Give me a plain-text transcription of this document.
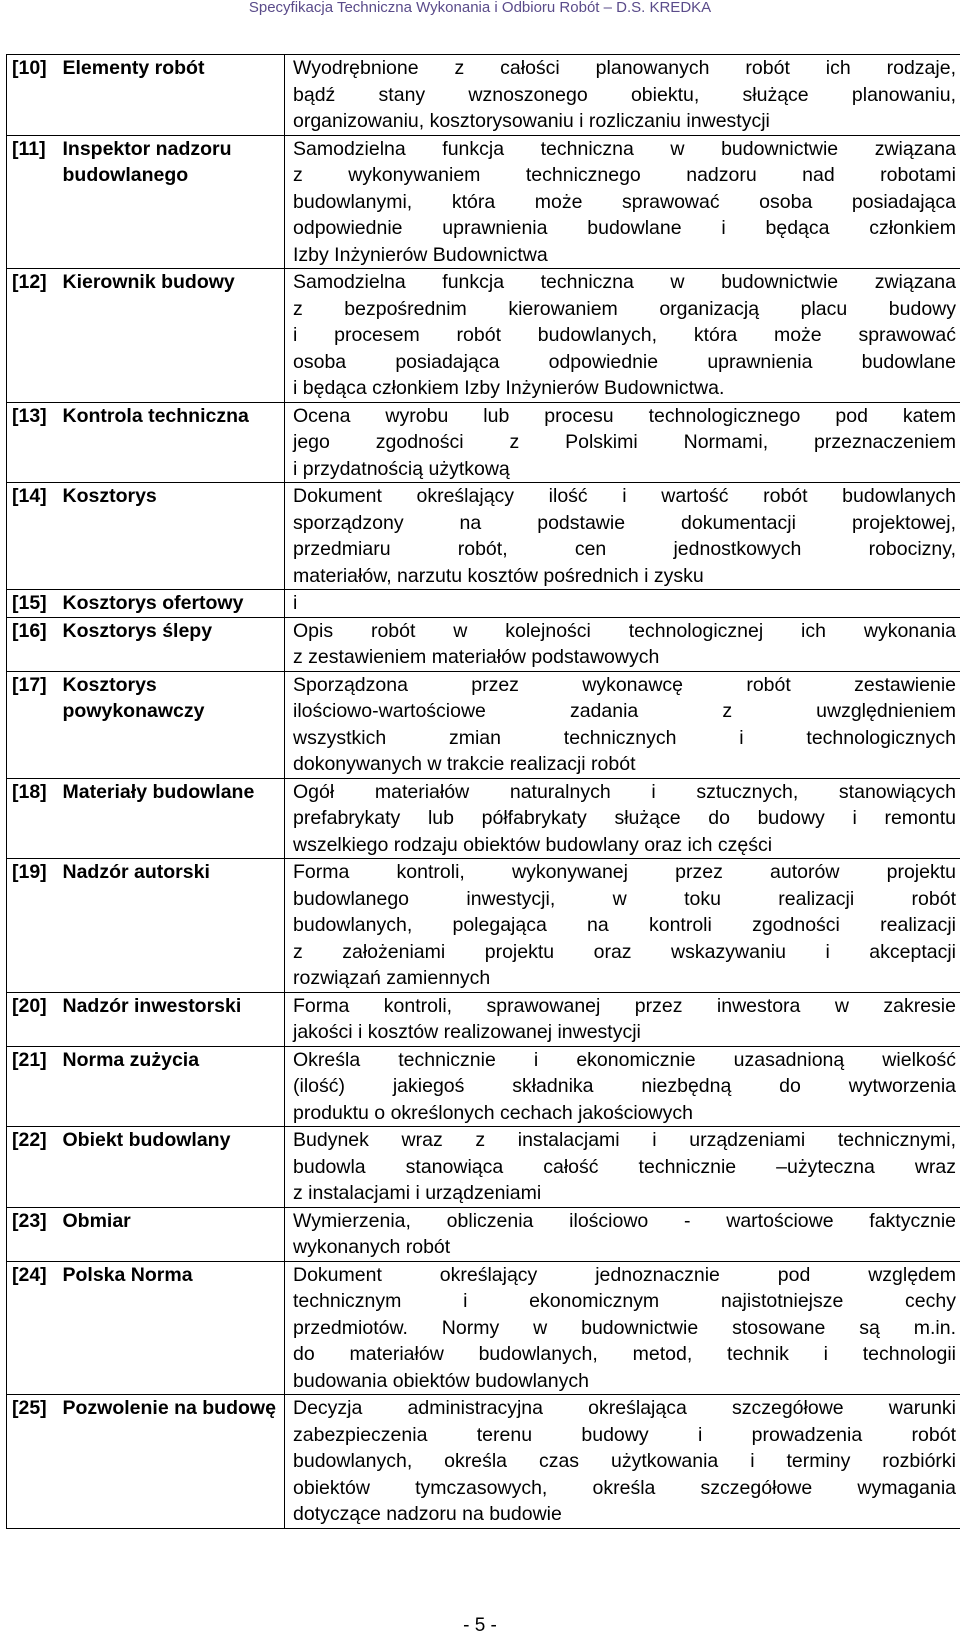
Specyfikacja Techniczna Wykonania i Odbioru Robót – D.S. KREDKA
[10]	Elementy robót	Wyodrębnione z całości planowanych robót ich rodzaje,
bądź stany wznoszonego obiektu, służące planowaniu,
organizowaniu, kosztorysowaniu i rozliczaniu inwestycji

[11]	Inspektor nadzoru budowlanego	Samodzielna funkcja techniczna w budownictwie związana
z wykonywaniem technicznego nadzoru nad robotami
budowlanymi, która może sprawować osoba posiadająca
odpowiednie uprawnienia budowlane i będąca członkiem
Izby Inżynierów Budownictwa

[12]	Kierownik budowy	Samodzielna funkcja techniczna w budownictwie związana
z bezpośrednim kierowaniem organizacją placu budowy
i procesem robót budowlanych, która może sprawować
osoba posiadająca odpowiednie uprawnienia budowlane
i będąca członkiem Izby Inżynierów Budownictwa.

[13]	Kontrola techniczna	Ocena wyrobu lub procesu technologicznego pod katem
jego zgodności z Polskimi Normami, przeznaczeniem
i przydatnością użytkową

[14]	Kosztorys	Dokument określający ilość i wartość robót budowlanych
sporządzony na podstawie dokumentacji projektowej,
przedmiaru robót, cen jednostkowych robocizny,
materiałów, narzutu kosztów pośrednich i zysku

[15]	Kosztorys ofertowy	i

[16]	Kosztorys ślepy	Opis robót w kolejności technologicznej ich wykonania
z zestawieniem materiałów podstawowych

[17]	Kosztorys powykonawczy	Sporządzona przez wykonawcę robót zestawienie
ilościowo-wartościowe zadania z uwzględnieniem
wszystkich zmian technicznych i technologicznych
dokonywanych w trakcie realizacji robót

[18]	Materiały budowlane	Ogół materiałów naturalnych i sztucznych, stanowiących
prefabrykaty lub półfabrykaty służące do budowy i remontu
wszelkiego rodzaju obiektów budowlany oraz ich części

[19]	Nadzór autorski	Forma kontroli, wykonywanej przez autorów projektu
budowlanego inwestycji, w toku realizacji robót
budowlanych, polegająca na kontroli zgodności realizacji
z założeniami projektu oraz wskazywaniu i akceptacji
rozwiązań zamiennych

[20]	Nadzór inwestorski	Forma kontroli, sprawowanej przez inwestora w zakresie
jakości i kosztów realizowanej inwestycji

[21]	Norma zużycia	Określa technicznie i ekonomicznie uzasadnioną wielkość
(ilość) jakiegoś składnika niezbędną do wytworzenia
produktu o określonych cechach jakościowych

[22]	Obiekt budowlany	Budynek wraz z instalacjami i urządzeniami technicznymi,
budowla stanowiąca całość technicznie –użyteczna wraz
z instalacjami i urządzeniami

[23]	Obmiar	Wymierzenia, obliczenia ilościowo - wartościowe faktycznie
wykonanych robót

[24]	Polska Norma	Dokument określający jednoznacznie pod względem
technicznym i ekonomicznym najistotniejsze cechy
przedmiotów. Normy w budownictwie stosowane są m.in.
do materiałów budowlanych, metod, technik i technologii
budowania obiektów budowlanych

[25]	Pozwolenie na budowę	Decyzja administracyjna określająca szczegółowe warunki
zabezpieczenia terenu budowy i prowadzenia robót
budowlanych, określa czas użytkowania i terminy rozbiórki
obiektów tymczasowych, określa szczegółowe wymagania
dotyczące nadzoru na budowie
- 5 -
